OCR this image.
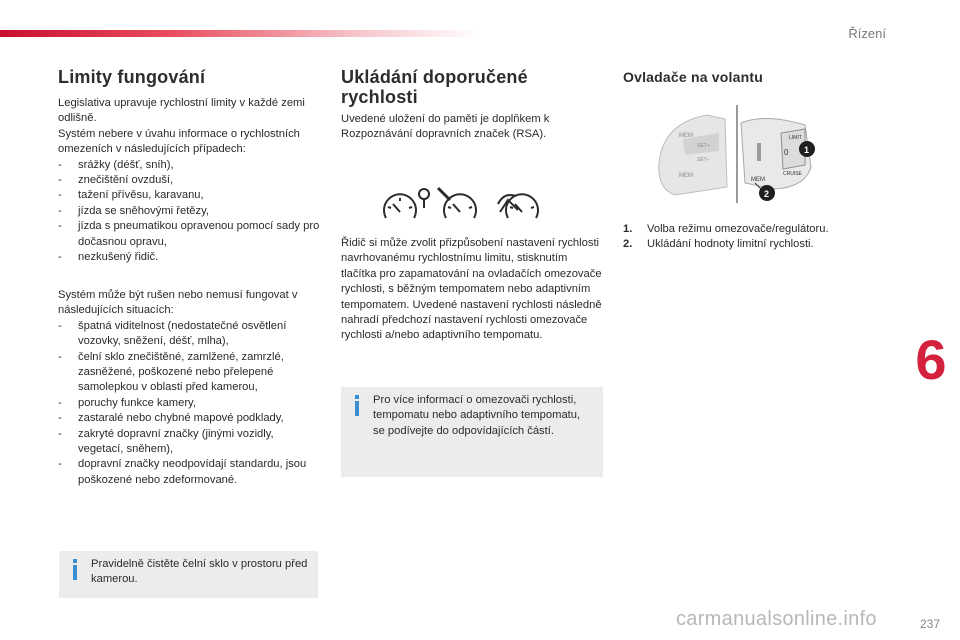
Řízení
6
Limity fungování

Legislativa upravuje rychlostní limity v každé zemi odlišně.

Systém nebere v úvahu informace o rychlostních omezeních v následujících případech:

- srážky (déšť, sníh),
- znečištění ovzduší,
- tažení přívěsu, karavanu,
- jízda se sněhovými řetězy,
- jízda s pneumatikou opravenou pomocí sady pro dočasnou opravu,
- nezkušený řidič.

Systém může být rušen nebo nemusí fungovat v následujících situacích:

- špatná viditelnost (nedostatečné osvětlení vozovky, sněžení, déšť, mlha),
- čelní sklo znečištěné, zamlžené, zamrzlé, zasněžené, poškozené nebo přelepené samolepkou v oblasti před kamerou,
- poruchy funkce kamery,
- zastaralé nebo chybné mapové podklady,
- zakryté dopravní značky (jinými vozidly, vegetací, sněhem),
- dopravní značky neodpovídají standardu, jsou poškozené nebo zdeformované.
Pravidelně čistěte čelní sklo v prostoru před kamerou.
Ukládání doporučené rychlosti

Uvedené uložení do paměti je doplňkem k Rozpoznávání dopravních značek (RSA).

Řidič si může zvolit přizpůsobení nastavení rychlosti navrhovanému rychlostnímu limitu, stisknutím tlačítka pro zapamatování na ovladačích omezovače rychlosti, s běžným tempomatem nebo adaptivním tempomatem. Uvedené nastavení rychlosti následně nahradí předchozí nastavení rychlosti omezovače rychlosti a/nebo adaptivního tempomatu.

Pro více informací o omezovači rychlosti, tempomatu nebo adaptivního tempomatu, se podívejte do odpovídajících částí.
Ovladače na volantu
1.	Volba režimu omezovače/regulátoru.
2.	Ukládání hodnoty limitní rychlosti.
MEM
SET+
SET−
MEM
LIMIT
0
CRUISE
MEM
1
2
237
carmanualsonline.info
